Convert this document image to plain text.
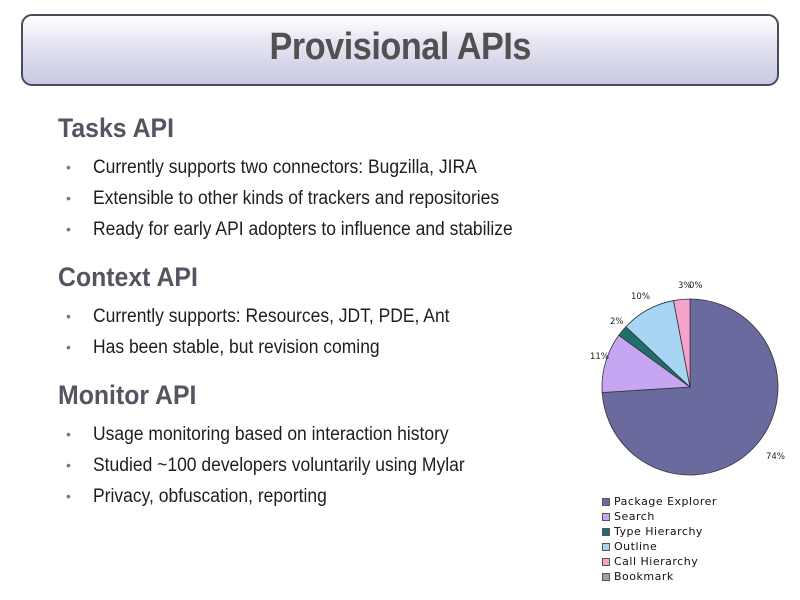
Provisional APIs
Tasks API
• Currently supports two connectors: Bugzilla, JIRA
• Extensible to other kinds of trackers and repositories
• Ready for early API adopters to influence and stabilize
Context API
• Currently supports: Resources, JDT, PDE, Ant
• Has been stable, but revision coming
Monitor API
• Usage monitoring based on interaction history
• Studied ~100 developers voluntarily using Mylar
• Privacy, obfuscation, reporting
74%
11%
2%
10%
3%
0%
Package Explorer
Search
Type Hierarchy
Outline
Call Hierarchy
Bookmark
